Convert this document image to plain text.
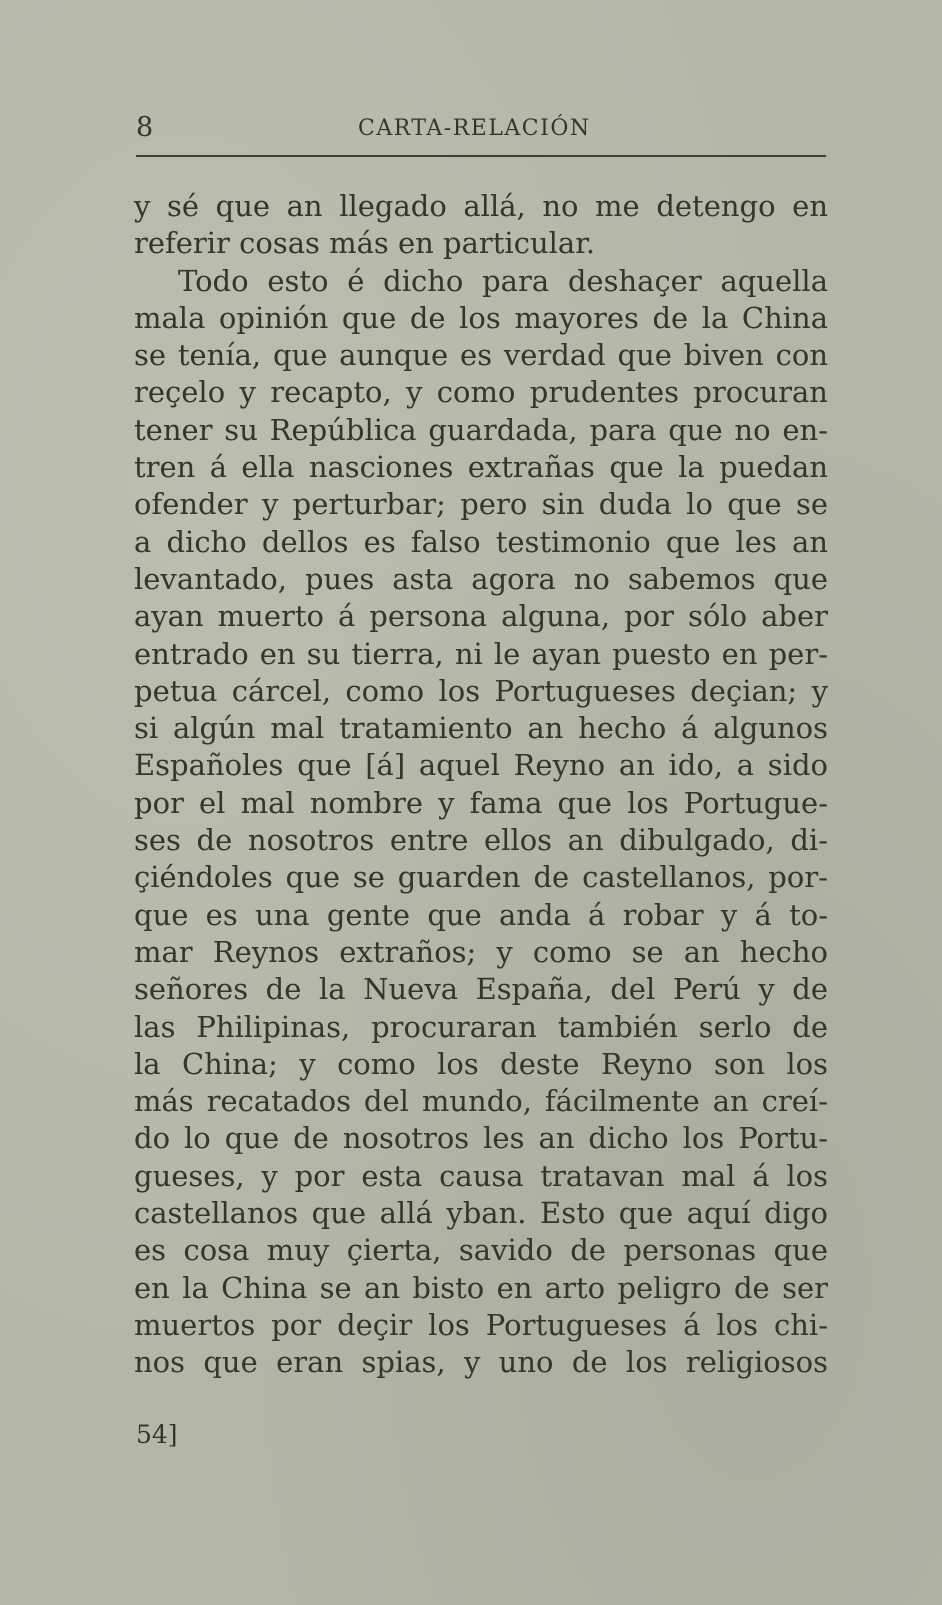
8	CARTA-RELACIÓN
y sé que an llegado allá, no me detengo en
referir cosas más en particular.
Todo esto é dicho para deshaçer aquella
mala opinión que de los mayores de la China
se tenía, que aunque es verdad que biven con
reçelo y recapto, y como prudentes procuran
tener su República guardada, para que no en-
tren á ella nasciones extrañas que la puedan
ofender y perturbar; pero sin duda lo que se
a dicho dellos es falso testimonio que les an
levantado, pues asta agora no sabemos que
ayan muerto á persona alguna, por sólo aber
entrado en su tierra, ni le ayan puesto en per-
petua cárcel, como los Portugueses deçian; y
si algún mal tratamiento an hecho á algunos
Españoles que [á] aquel Reyno an ido, a sido
por el mal nombre y fama que los Portugue-
ses de nosotros entre ellos an dibulgado, di-
çiéndoles que se guarden de castellanos, por-
que es una gente que anda á robar y á to-
mar Reynos extraños; y como se an hecho
señores de la Nueva España, del Perú y de
las Philipinas, procuraran también serlo de
la China; y como los deste Reyno son los
más recatados del mundo, fácilmente an creí-
do lo que de nosotros les an dicho los Portu-
gueses, y por esta causa tratavan mal á los
castellanos que allá yban. Esto que aquí digo
es cosa muy çierta, savido de personas que
en la China se an bisto en arto peligro de ser
muertos por deçir los Portugueses á los chi-
nos que eran spias, y uno de los religiosos
54]
